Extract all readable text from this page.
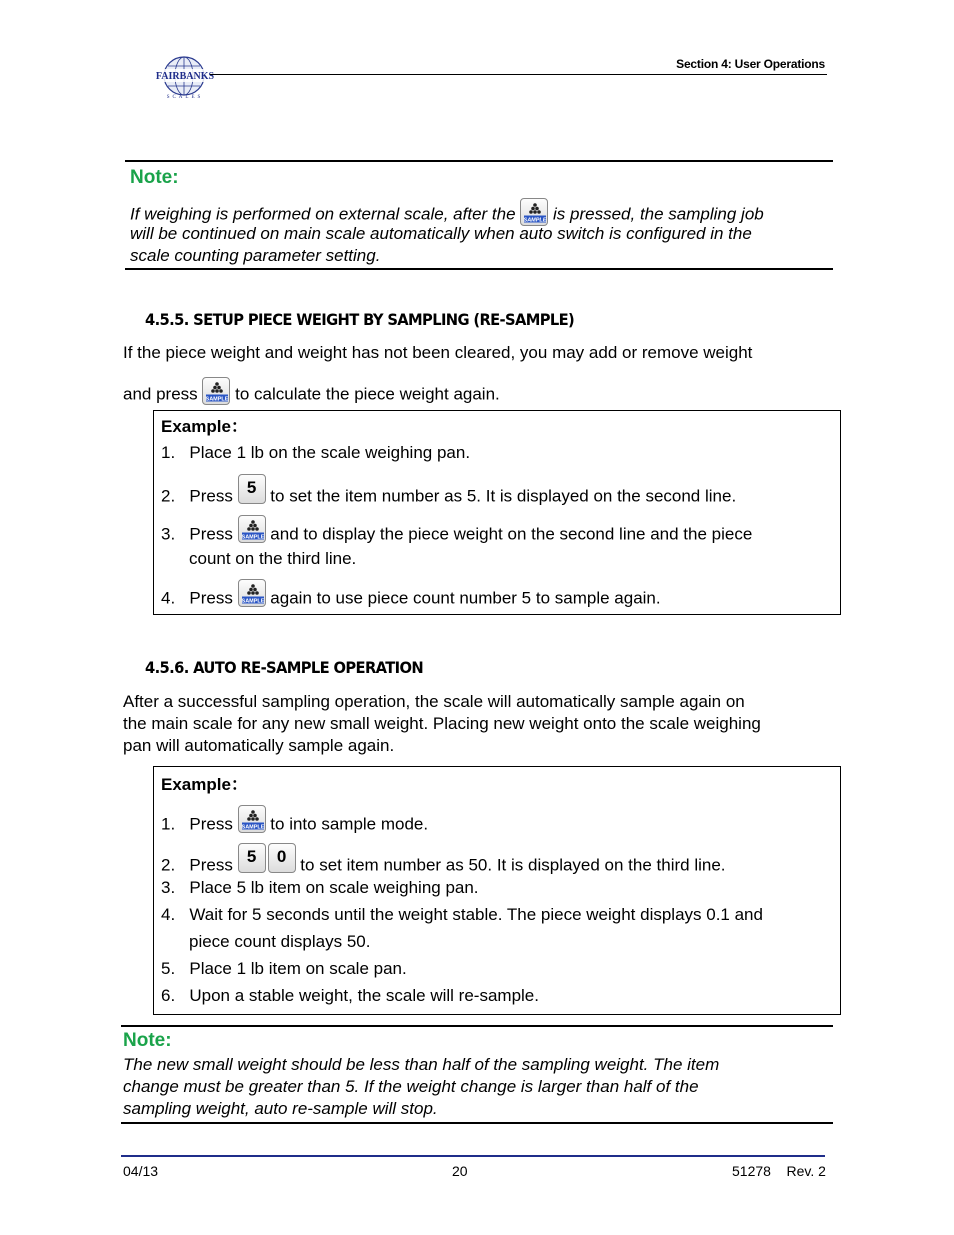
FAIRBANKS
SCALES
Section 4: User Operations
Note:
If weighing is performed on external scale, after the SAMPLE is pressed, the sampling job
will be continued on main scale automatically when auto switch is configured in the
scale counting parameter setting.
4.5.5. SETUP PIECE WEIGHT BY SAMPLING (RE-SAMPLE)
If the piece weight and weight has not been cleared, you may add or remove weight
and press SAMPLE to calculate the piece weight again.
Example：
1. Place 1 lb on the scale weighing pan.
2. Press 5 to set the item number as 5. It is displayed on the second line.
3. Press SAMPLE and to display the piece weight on the second line and the piece
count on the third line.
4. Press SAMPLE again to use piece count number 5 to sample again.
4.5.6. AUTO RE-SAMPLE OPERATION
After a successful sampling operation, the scale will automatically sample again on
the main scale for any new small weight. Placing new weight onto the scale weighing
pan will automatically sample again.
Example：
1. Press SAMPLE to into sample mode.
2. Press 5 0 to set item number as 50. It is displayed on the third line.
3. Place 5 lb item on scale weighing pan.
4. Wait for 5 seconds until the weight stable. The piece weight displays 0.1 and
piece count displays 50.
5. Place 1 lb item on scale pan.
6. Upon a stable weight, the scale will re-sample.
Note:
The new small weight should be less than half of the sampling weight. The item
change must be greater than 5. If the weight change is larger than half of the
sampling weight, auto re-sample will stop.
04/13	20	51278    Rev. 2
